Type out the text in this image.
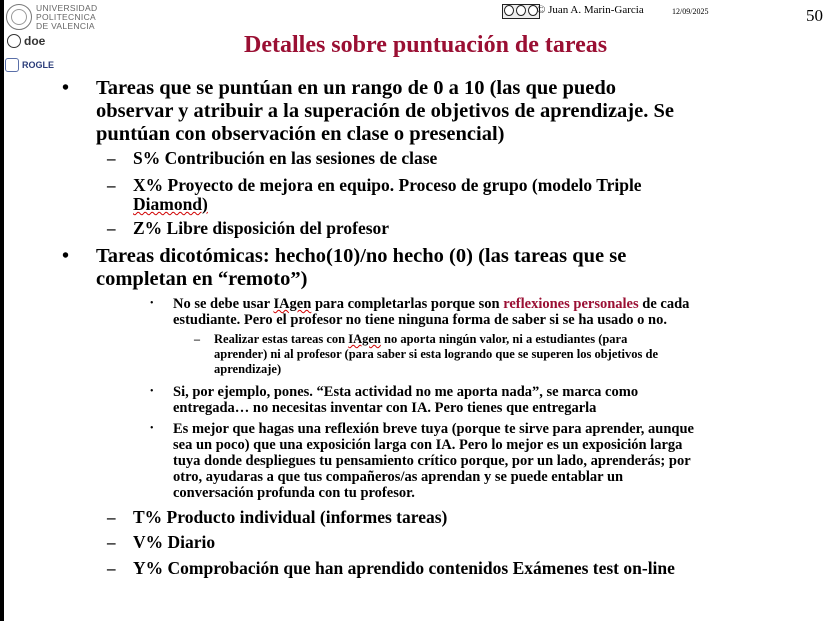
UNIVERSIDAD
POLITECNICA
DE VALENCIA
doe
ROGLE
© Juan A. Marin-Garcia	12/09/2025	50
Detalles sobre puntuación de tareas
• Tareas que se puntúan en un rango de 0 a 10 (las que puedo
observar y atribuir a la superación de objetivos de aprendizaje. Se
puntúan con observación en clase o presencial)
– S% Contribución en las sesiones de clase
– X% Proyecto de mejora en equipo. Proceso de grupo (modelo Triple
Diamond)
– Z% Libre disposición del profesor
• Tareas dicotómicas: hecho(10)/no hecho (0) (las tareas que se
completan en “remoto”)
• No se debe usar IAgen para completarlas porque son reflexiones personales de cada
estudiante. Pero el profesor no tiene ninguna forma de saber si se ha usado o no.
– Realizar estas tareas con IAgen no aporta ningún valor, ni a estudiantes (para
aprender) ni al profesor (para saber si esta logrando que se superen los objetivos de
aprendizaje)
• Si, por ejemplo, pones. “Esta actividad no me aporta nada”, se marca como
entregada… no necesitas inventar con IA. Pero tienes que entregarla
• Es mejor que hagas una reflexión breve tuya (porque te sirve para aprender, aunque
sea un poco) que una exposición larga con IA. Pero lo mejor es un exposición larga
tuya donde despliegues tu pensamiento crítico porque, por un lado, aprenderás; por
otro, ayudaras a que tus compañeros/as aprendan y se puede entablar un
conversación profunda con tu profesor.
– T% Producto individual (informes tareas)
– V% Diario
– Y% Comprobación que han aprendido contenidos Exámenes test on-line
